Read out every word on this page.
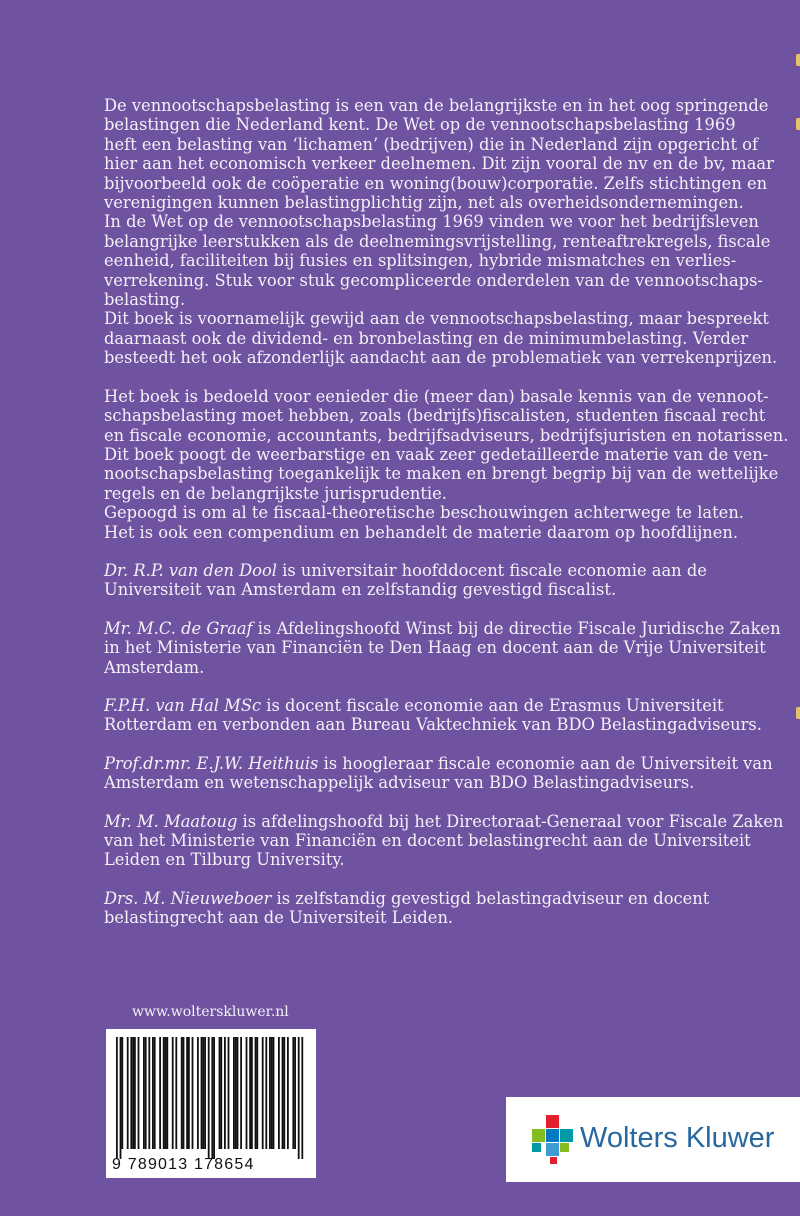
De vennootschapsbelasting is een van de belangrijkste en in het oog springende
belastingen die Nederland kent. De Wet op de vennootschapsbelasting 1969
heft een belasting van ‘lichamen’ (bedrijven) die in Nederland zijn opgericht of
hier aan het economisch verkeer deelnemen. Dit zijn vooral de nv en de bv, maar
bijvoorbeeld ook de coöperatie en woning(bouw)corporatie. Zelfs stichtingen en
verenigingen kunnen belastingplichtig zijn, net als overheidsondernemingen.

In de Wet op de vennootschapsbelasting 1969 vinden we voor het bedrijfsleven
belangrijke leerstukken als de deelnemingsvrijstelling, renteaftrekregels, fiscale
eenheid, faciliteiten bij fusies en splitsingen, hybride mismatches en verlies-
verrekening. Stuk voor stuk gecompliceerde onderdelen van de vennootschaps-
belasting.

Dit boek is voornamelijk gewijd aan de vennootschapsbelasting, maar bespreekt
daarnaast ook de dividend- en bronbelasting en de minimumbelasting. Verder
besteedt het ook afzonderlijk aandacht aan de problematiek van verrekenprijzen.

Het boek is bedoeld voor eenieder die (meer dan) basale kennis van de vennoot-
schapsbelasting moet hebben, zoals (bedrijfs)fiscalisten, studenten fiscaal recht
en fiscale economie, accountants, bedrijfsadviseurs, bedrijfsjuristen en notarissen.
Dit boek poogt de weerbarstige en vaak zeer gedetailleerde materie van de ven-
nootschapsbelasting toegankelijk te maken en brengt begrip bij van de wettelijke
regels en de belangrijkste jurisprudentie.

Gepoogd is om al te fiscaal-theoretische beschouwingen achterwege te laten.
Het is ook een compendium en behandelt de materie daarom op hoofdlijnen.

Dr. R.P. van den Dool is universitair hoofddocent fiscale economie aan de
Universiteit van Amsterdam en zelfstandig gevestigd fiscalist.

Mr. M.C. de Graaf is Afdelingshoofd Winst bij de directie Fiscale Juridische Zaken
in het Ministerie van Financiën te Den Haag en docent aan de Vrije Universiteit
Amsterdam.

F.P.H. van Hal MSc is docent fiscale economie aan de Erasmus Universiteit
Rotterdam en verbonden aan Bureau Vaktechniek van BDO Belastingadviseurs.

Prof.dr.mr. E.J.W. Heithuis is hoogleraar fiscale economie aan de Universiteit van
Amsterdam en wetenschappelijk adviseur van BDO Belastingadviseurs.

Mr. M. Maatoug is afdelingshoofd bij het Directoraat-Generaal voor Fiscale Zaken
van het Ministerie van Financiën en docent belastingrecht aan de Universiteit
Leiden en Tilburg University.

Drs. M. Nieuweboer is zelfstandig gevestigd belastingadviseur en docent
belastingrecht aan de Universiteit Leiden.

www.wolterskluwer.nl
9 789013 178654
Wolters Kluwer
